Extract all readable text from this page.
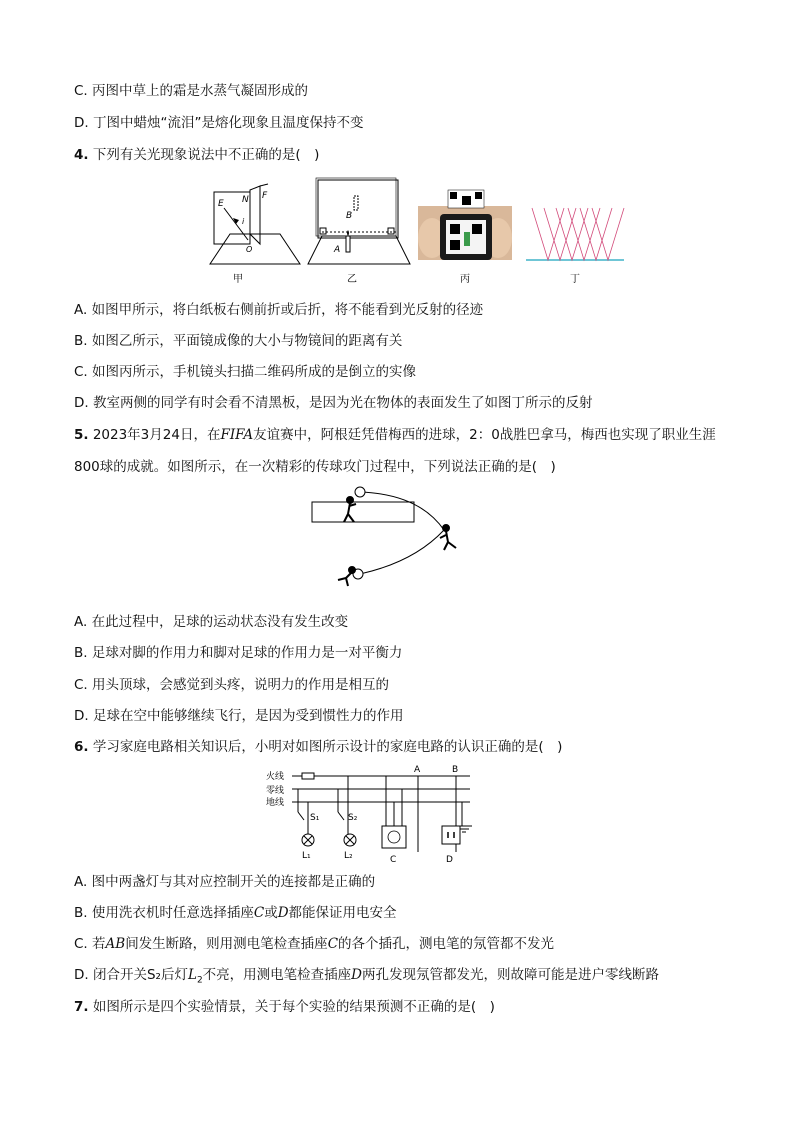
C. 丙图中草上的霜是水蒸气凝固形成的
D. 丁图中蜡烛“流泪”是熔化现象且温度保持不变
4. 下列有关光现象说法中不正确的是(　)
E N F
i
O
B
A
甲	乙	丙	丁
A. 如图甲所示，将白纸板右侧前折或后折，将不能看到光反射的径迹
B. 如图乙所示，平面镜成像的大小与物镜间的距离有关
C. 如图丙所示，手机镜头扫描二维码所成的是倒立的实像
D. 教室两侧的同学有时会看不清黑板，是因为光在物体的表面发生了如图丁所示的反射
5. 2023年3月24日，在FIFA友谊赛中，阿根廷凭借梅西的进球，2：0战胜巴拿马，梅西也实现了职业生涯
800球的成就。如图所示，在一次精彩的传球攻门过程中，下列说法正确的是(　)
A. 在此过程中，足球的运动状态没有发生改变
B. 足球对脚的作用力和脚对足球的作用力是一对平衡力
C. 用头顶球，会感觉到头疼，说明力的作用是相互的
D. 足球在空中能够继续飞行，是因为受到惯性力的作用
6. 学习家庭电路相关知识后，小明对如图所示设计的家庭电路的认识正确的是(　)
火线
零线
地线
A	B
S₁
L₁
S₂
L₂	C	D
A. 图中两盏灯与其对应控制开关的连接都是正确的
B. 使用洗衣机时任意选择插座C或D都能保证用电安全
C. 若AB间发生断路，则用测电笔检查插座C的各个插孔，测电笔的氖管都不发光
D. 闭合开关S₂后灯$L_2$不亮，用测电笔检查插座D两孔发现氖管都发光，则故障可能是进户零线断路
7. 如图所示是四个实验情景，关于每个实验的结果预测不正确的是(　)
